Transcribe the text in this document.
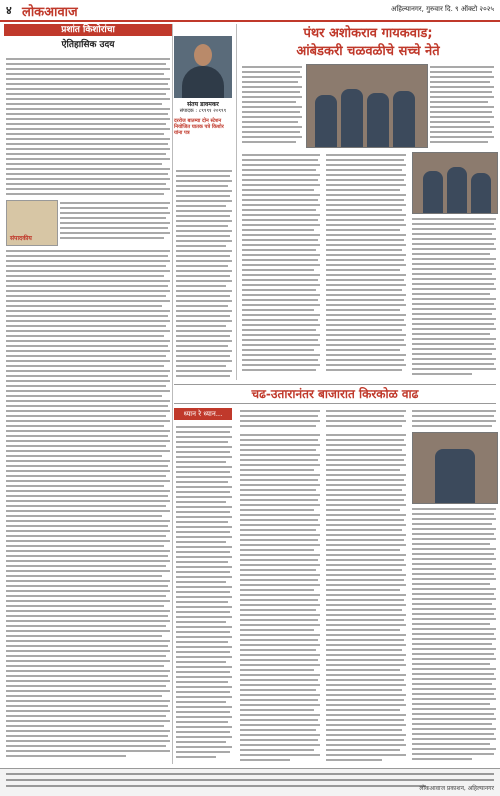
४ लोकआवाज	अहिल्यानगर, गुरुवार दि. ९ ऑक्टो २०२५
प्रशांत किशोरांचा
ऐतिहासिक उदय
संपादकीय
संतय डावमकर
संपादक : ८९९९१ २०९९९
दररोज बातम्या दोन स्टेशन नियोजित घातक पत्रे किशोर यांना पत्र
पंथर अशोकराव गायकवाड;
आंबेडकरी चळवळीचे सच्चे नेते
चढ-उतारानंतर बाजारात किरकोळ वाढ
ध्यान रे ध्यान...
लोकआवाज प्रकाशन, अहिल्यानगर
